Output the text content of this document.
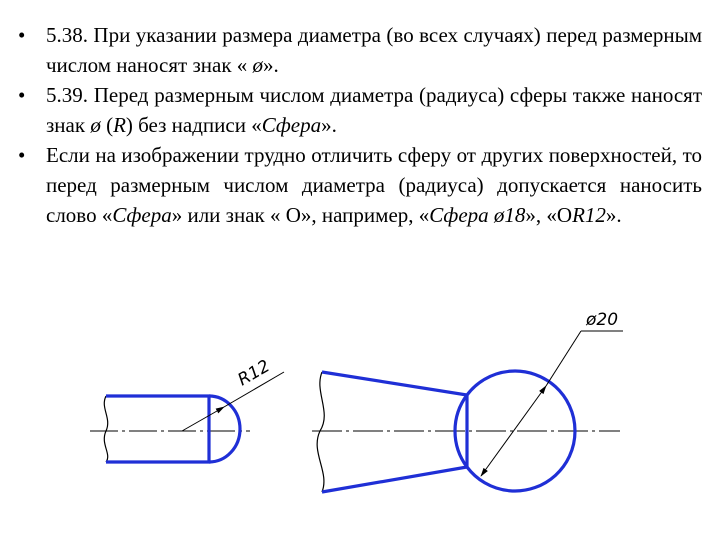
• 5.38. При указании размера диаметра (во всех случаях) перед размерным числом наносят знак « ø».
• 5.39. Перед размерным числом диаметра (радиуса) сферы также наносят знак ø (R) без надписи «Сфера».
• Если на изображении трудно отличить сферу от других поверхностей, то перед размерным числом диаметра (радиуса) допускается наносить слово «Сфера» или знак « О», например, «Сфера ø18», «ОR12».
R12
ø20
